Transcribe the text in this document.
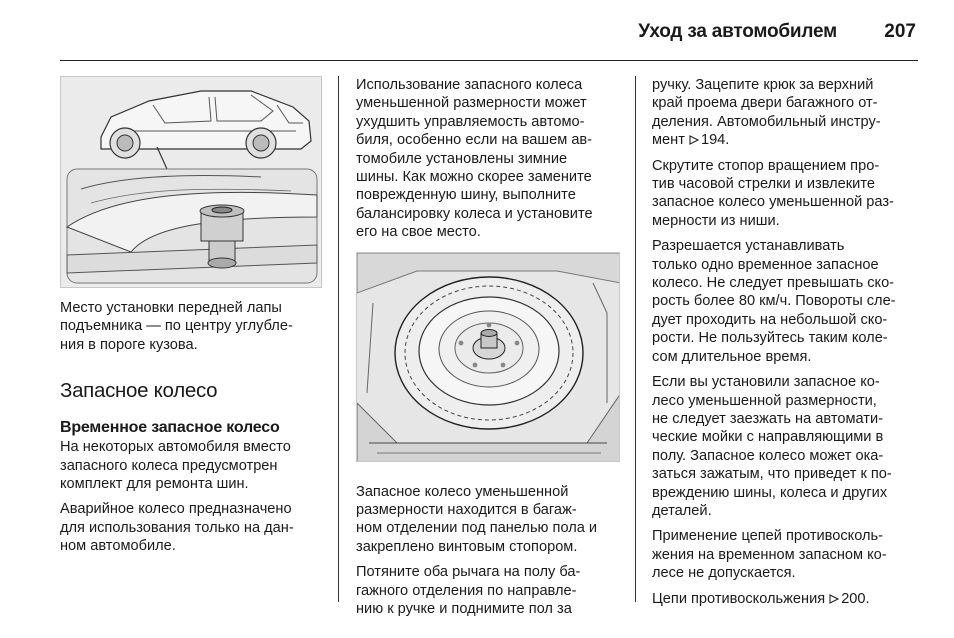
Уход за автомобилем	207

Место установки передней лапы
подъемника — по центру углубле-
ния в пороге кузова.

Запасное колесо
Временное запасное колесо

На некоторых автомобиля вместо
запасного колеса предусмотрен
комплект для ремонта шин.

Аварийное колесо предназначено
для использования только на дан-
ном автомобиле.

Использование запасного колеса
уменьшенной размерности может
ухудшить управляемость автомо-
биля, особенно если на вашем ав-
томобиле установлены зимние
шины. Как можно скорее замените
поврежденную шину, выполните
балансировку колеса и установите
его на свое место.

Запасное колесо уменьшенной
размерности находится в багаж-
ном отделении под панелью пола и
закреплено винтовым стопором.

Потяните оба рычага на полу ба-
гажного отделения по направле-
нию к ручке и поднимите пол за

ручку. Зацепите крюк за верхний
край проема двери багажного от-
деления. Автомобильный инстру-
мент 194.

Скрутите стопор вращением про-
тив часовой стрелки и извлеките
запасное колесо уменьшенной раз-
мерности из ниши.

Разрешается устанавливать
только одно временное запасное
колесо. Не следует превышать ско-
рость более 80 км/ч. Повороты сле-
дует проходить на небольшой ско-
рости. Не пользуйтесь таким коле-
сом длительное время.

Если вы установили запасное ко-
лесо уменьшенной размерности,
не следует заезжать на автомати-
ческие мойки с направляющими в
полу. Запасное колесо может ока-
заться зажатым, что приведет к по-
вреждению шины, колеса и других
деталей.

Применение цепей противосколь-
жения на временном запасном ко-
лесе не допускается.

Цепи противоскольжения 200.
